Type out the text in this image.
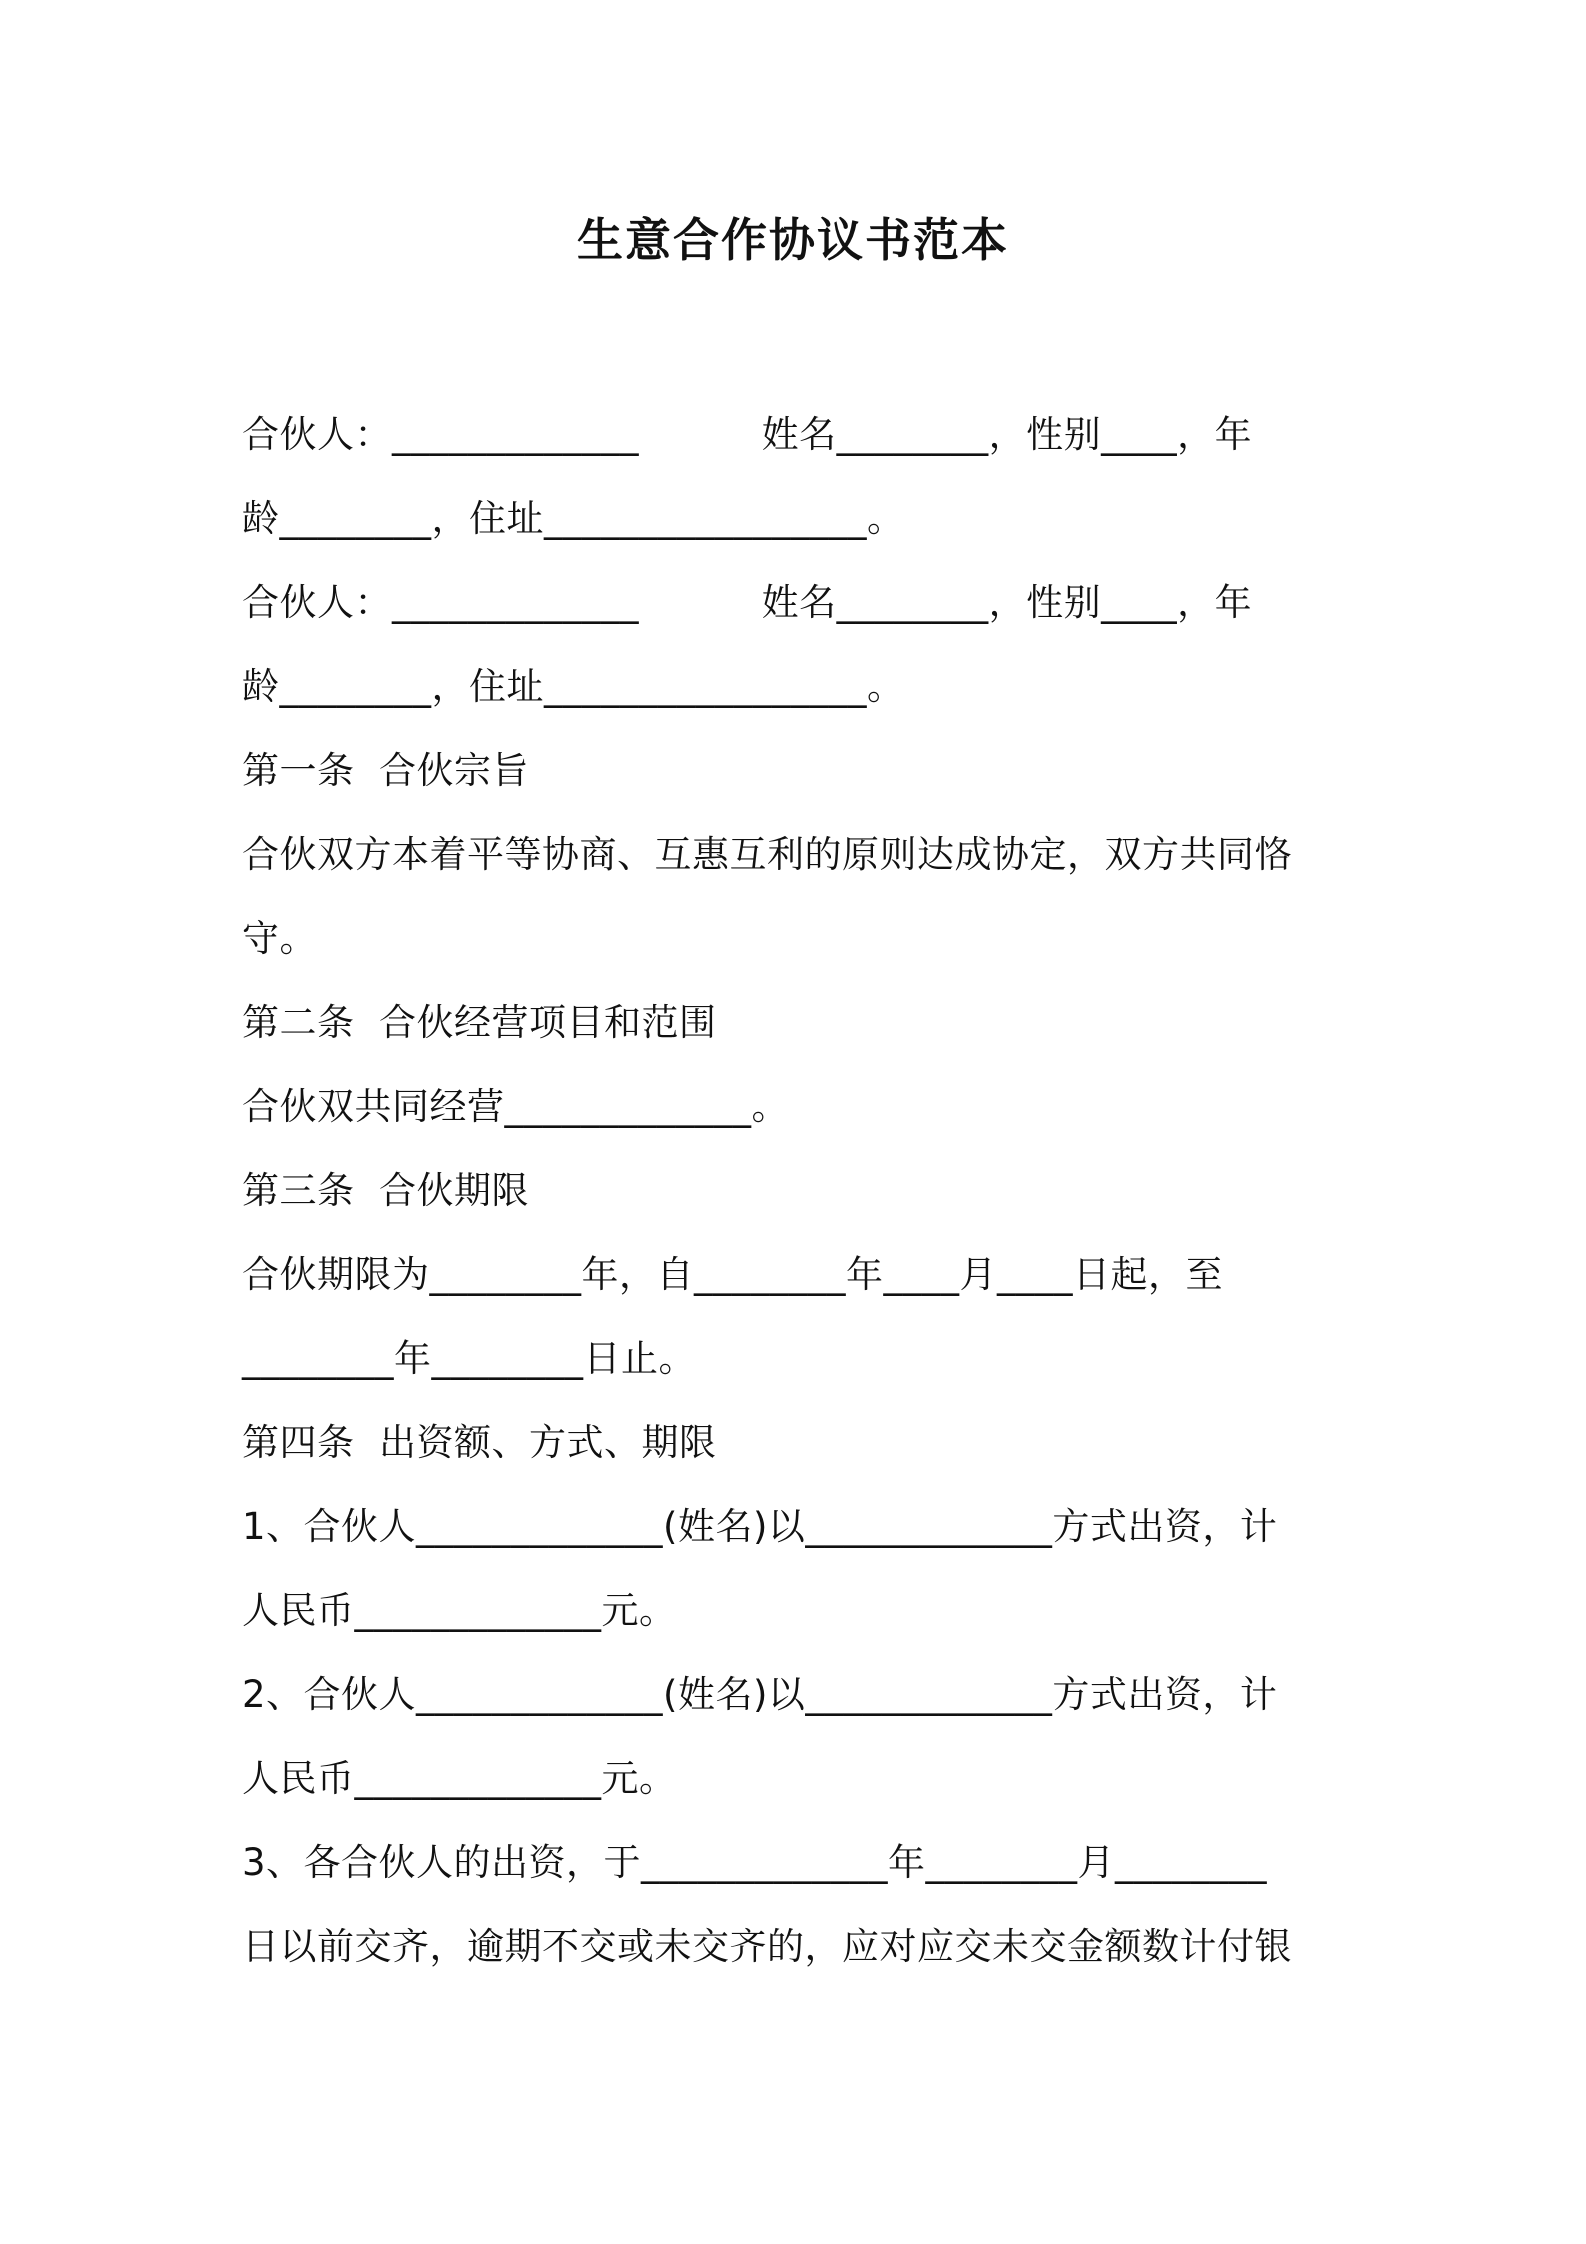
生意合作协议书范本
合伙人：_____________          姓名________，性别____，年
龄________，住址_________________。
合伙人：_____________          姓名________，性别____，年
龄________，住址_________________。
第一条  合伙宗旨
合伙双方本着平等协商、互惠互利的原则达成协定，双方共同恪
守。
第二条  合伙经营项目和范围
合伙双共同经营_____________。
第三条  合伙期限
合伙期限为________年，自________年____月____日起，至
________年________日止。
第四条  出资额、方式、期限
1、合伙人_____________(姓名)以_____________方式出资，计
人民币_____________元。
2、合伙人_____________(姓名)以_____________方式出资，计
人民币_____________元。
3、各合伙人的出资，于_____________年________月________
日以前交齐，逾期不交或未交齐的，应对应交未交金额数计付银
